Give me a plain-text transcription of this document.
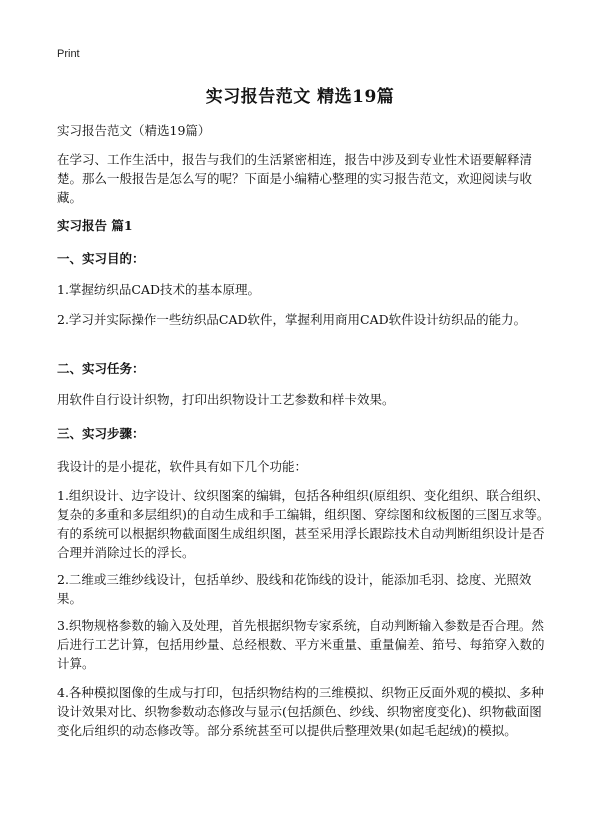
Print
实习报告范文 精选19篇
实习报告范文（精选19篇）

在学习、工作生活中，报告与我们的生活紧密相连，报告中涉及到专业性术语要解释清楚。那么一般报告是怎么写的呢？下面是小编精心整理的实习报告范文，欢迎阅读与收藏。

实习报告 篇1
一、实习目的：

1.掌握纺织品CAD技术的基本原理。

2.学习并实际操作一些纺织品CAD软件，掌握利用商用CAD软件设计纺织品的能力。

二、实习任务：

用软件自行设计织物，打印出织物设计工艺参数和样卡效果。

三、实习步骤：

我设计的是小提花，软件具有如下几个功能：

1.组织设计、边字设计、纹织图案的编辑，包括各种组织(原组织、变化组织、联合组织、复杂的多重和多层组织)的自动生成和手工编辑，组织图、穿综图和纹板图的三图互求等。有的系统可以根据织物截面图生成组织图，甚至采用浮长跟踪技术自动判断组织设计是否合理并消除过长的浮长。

2.二维或三维纱线设计，包括单纱、股线和花饰线的设计，能添加毛羽、捻度、光照效果。

3.织物规格参数的输入及处理，首先根据织物专家系统，自动判断输入参数是否合理。然后进行工艺计算，包括用纱量、总经根数、平方米重量、重量偏差、筘号、每筘穿入数的计算。

4.各种模拟图像的生成与打印，包括织物结构的三维模拟、织物正反面外观的模拟、多种设计效果对比、织物参数动态修改与显示(包括颜色、纱线、织物密度变化)、织物截面图变化后组织的动态修改等。部分系统甚至可以提供后整理效果(如起毛起绒)的模拟。
